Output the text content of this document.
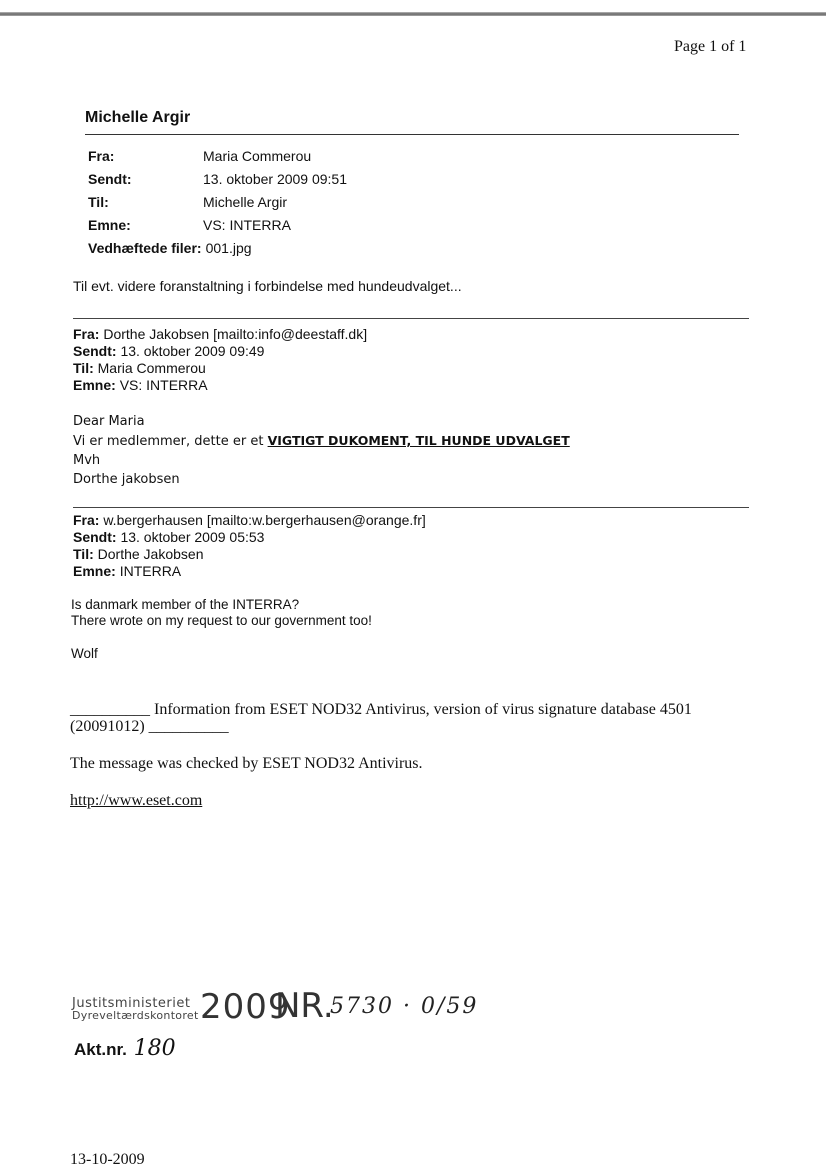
Page 1 of 1
Michelle Argir
Fra:	Maria Commerou
Sendt:	13. oktober 2009 09:51
Til:	Michelle Argir
Emne:	VS: INTERRA
Vedhæftede filer: 001.jpg
Til evt. videre foranstaltning i forbindelse med hundeudvalget...
Fra: Dorthe Jakobsen [mailto:info@deestaff.dk]
Sendt: 13. oktober 2009 09:49
Til: Maria Commerou
Emne: VS: INTERRA
Dear Maria
Vi er medlemmer, dette er et VIGTIGT DUKOMENT, TIL HUNDE UDVALGET
Mvh
Dorthe jakobsen
Fra: w.bergerhausen [mailto:w.bergerhausen@orange.fr]
Sendt: 13. oktober 2009 05:53
Til: Dorthe Jakobsen
Emne: INTERRA
Is danmark member of the INTERRA?
There wrote on my request to our government too!
Wolf
__________ Information from ESET NOD32 Antivirus, version of virus signature database 4501
(20091012) __________
The message was checked by ESET NOD32 Antivirus.
http://www.eset.com
Justitsministeriet
Dyreveltærdskontoret 2009
NR.
5730 · 0/59
Akt.nr. 180
13-10-2009
